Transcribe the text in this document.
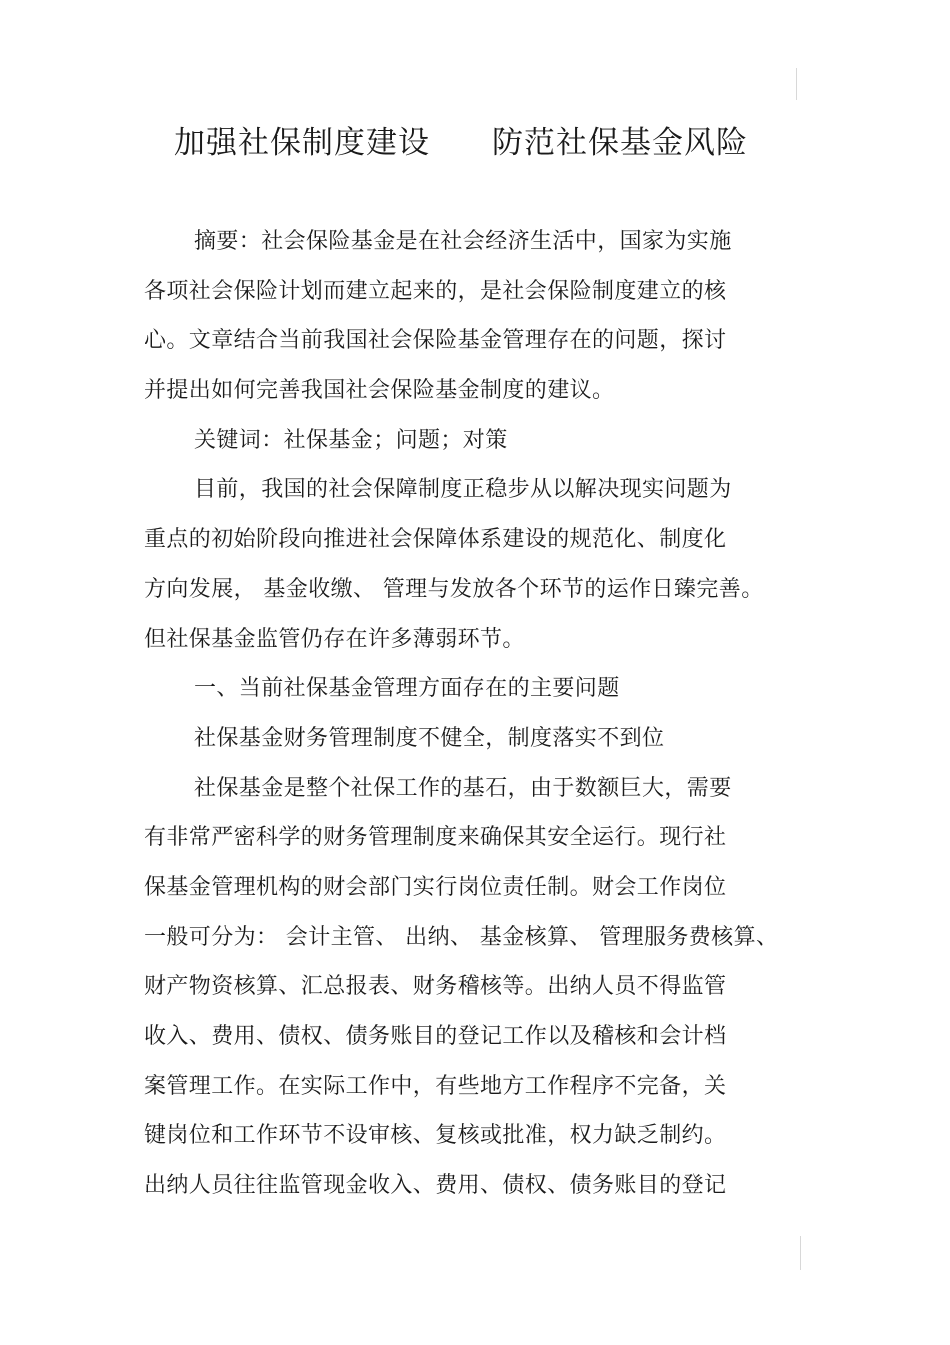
加强社保制度建设 防范社保基金风险
摘要：社会保险基金是在社会经济生活中，国家为实施
各项社会保险计划而建立起来的，是社会保险制度建立的核
心。文章结合当前我国社会保险基金管理存在的问题，探讨
并提出如何完善我国社会保险基金制度的建议。
关键词：社保基金；问题；对策
目前，我国的社会保障制度正稳步从以解决现实问题为
重点的初始阶段向推进社会保障体系建设的规范化、制度化
方向发展， 基金收缴、 管理与发放各个环节的运作日臻完善。
但社保基金监管仍存在许多薄弱环节。
一、当前社保基金管理方面存在的主要问题
社保基金财务管理制度不健全，制度落实不到位
社保基金是整个社保工作的基石，由于数额巨大，需要
有非常严密科学的财务管理制度来确保其安全运行。现行社
保基金管理机构的财会部门实行岗位责任制。财会工作岗位
一般可分为： 会计主管、 出纳、 基金核算、 管理服务费核算、
财产物资核算、汇总报表、财务稽核等。出纳人员不得监管
收入、费用、债权、债务账目的登记工作以及稽核和会计档
案管理工作。在实际工作中，有些地方工作程序不完备，关
键岗位和工作环节不设审核、复核或批准，权力缺乏制约。
出纳人员往往监管现金收入、费用、债权、债务账目的登记
